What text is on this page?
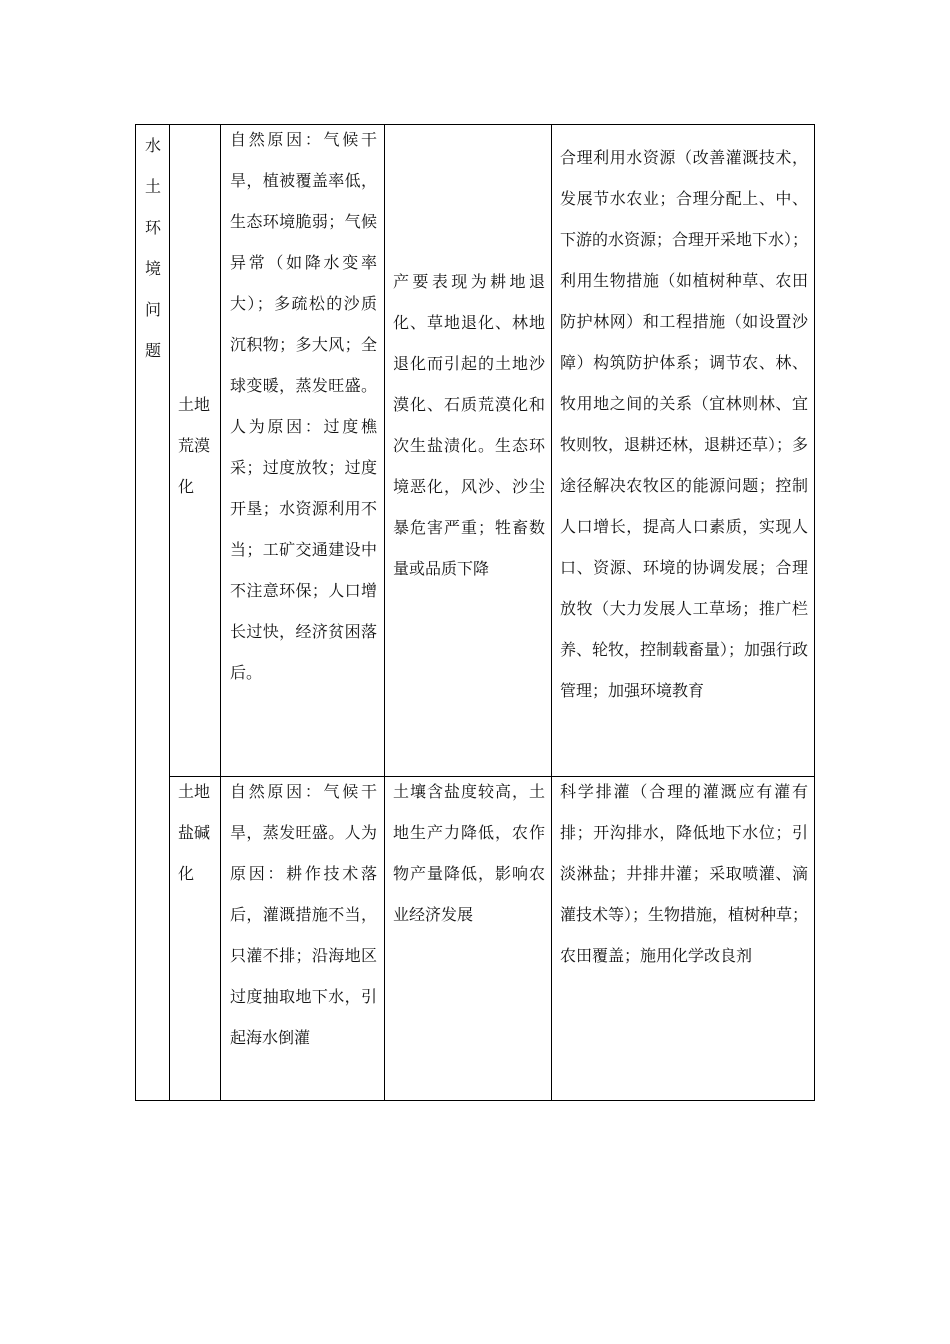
水
土
环
境
问
题
土地
荒漠
化
自然原因：气候干旱，植被覆盖率低，生态环境脆弱；气候异常（如降水变率大）；多疏松的沙质沉积物；多大风；全球变暖，蒸发旺盛。人为原因：过度樵采；过度放牧；过度开垦；水资源利用不当；工矿交通建设中不注意环保；人口增长过快，经济贫困落后。
产要表现为耕地退化、草地退化、林地退化而引起的土地沙漠化、石质荒漠化和次生盐渍化。生态环境恶化，风沙、沙尘暴危害严重；牲畜数量或品质下降
合理利用水资源（改善灌溉技术，发展节水农业；合理分配上、中、下游的水资源；合理开采地下水）；利用生物措施（如植树种草、农田防护林网）和工程措施（如设置沙障）构筑防护体系；调节农、林、牧用地之间的关系（宜林则林、宜牧则牧，退耕还林，退耕还草）；多途径解决农牧区的能源问题；控制人口增长，提高人口素质，实现人口、资源、环境的协调发展；合理放牧（大力发展人工草场；推广栏养、轮牧，控制载畜量）；加强行政管理；加强环境教育
土地
盐碱
化
自然原因：气候干旱，蒸发旺盛。人为原因：耕作技术落后，灌溉措施不当，只灌不排；沿海地区过度抽取地下水，引起海水倒灌
土壤含盐度较高，土地生产力降低，农作物产量降低，影响农业经济发展
科学排灌（合理的灌溉应有灌有排；开沟排水，降低地下水位；引淡淋盐；井排井灌；采取喷灌、滴灌技术等）；生物措施，植树种草；农田覆盖；施用化学改良剂
